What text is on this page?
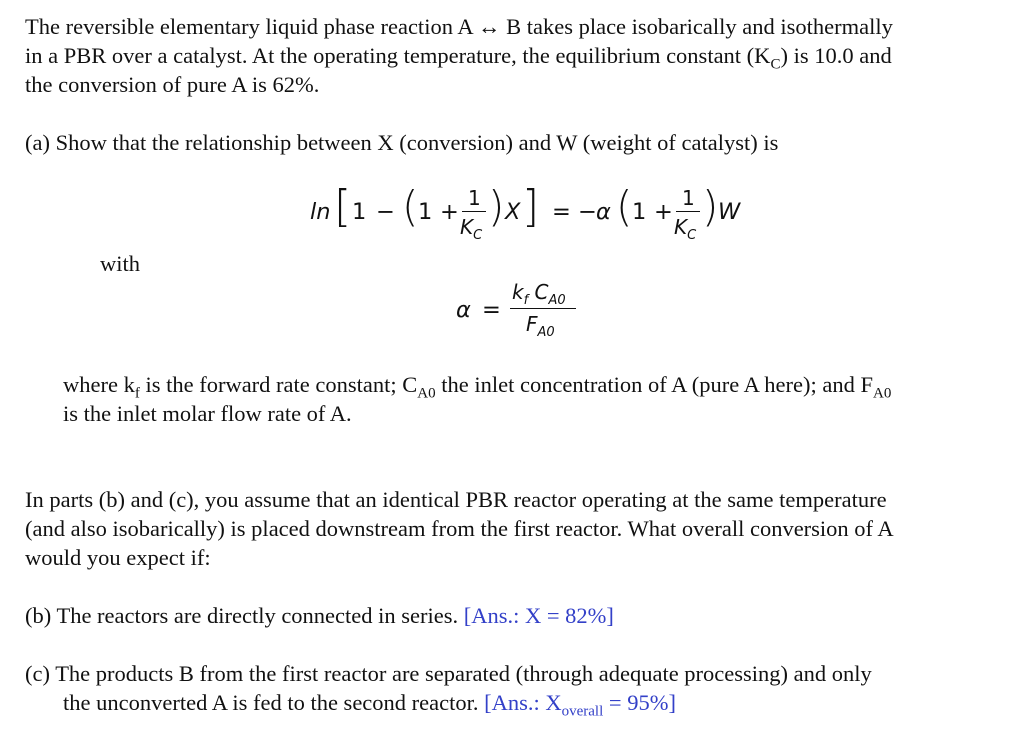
The reversible elementary liquid phase reaction A ↔ B takes place isobarically and isothermally
in a PBR over a catalyst. At the operating temperature, the equilibrium constant $(K_C)$ is 10.0 and
the conversion of pure A is 62%.
(a) Show that the relationship between X (conversion) and W (weight of catalyst) is
ln [ 1 − ( 1 +
1
$K_C$
) X ] = − α ( 1 +
1
$K_C$
) W
with
α =
$k_f$ $C_{A0}$
$F_{A0}$
where $k_f$ is the forward rate constant; $C_{A0}$ the inlet concentration of A (pure A here); and $F_{A0}$
is the inlet molar flow rate of A.
In parts (b) and (c), you assume that an identical PBR reactor operating at the same temperature
(and also isobarically) is placed downstream from the first reactor. What overall conversion of A
would you expect if:
(b) The reactors are directly connected in series. [Ans.: X = 82%]
(c) The products B from the first reactor are separated (through adequate processing) and only
the unconverted A is fed to the second reactor. [Ans.: $X_{overall} = 95\%$]
